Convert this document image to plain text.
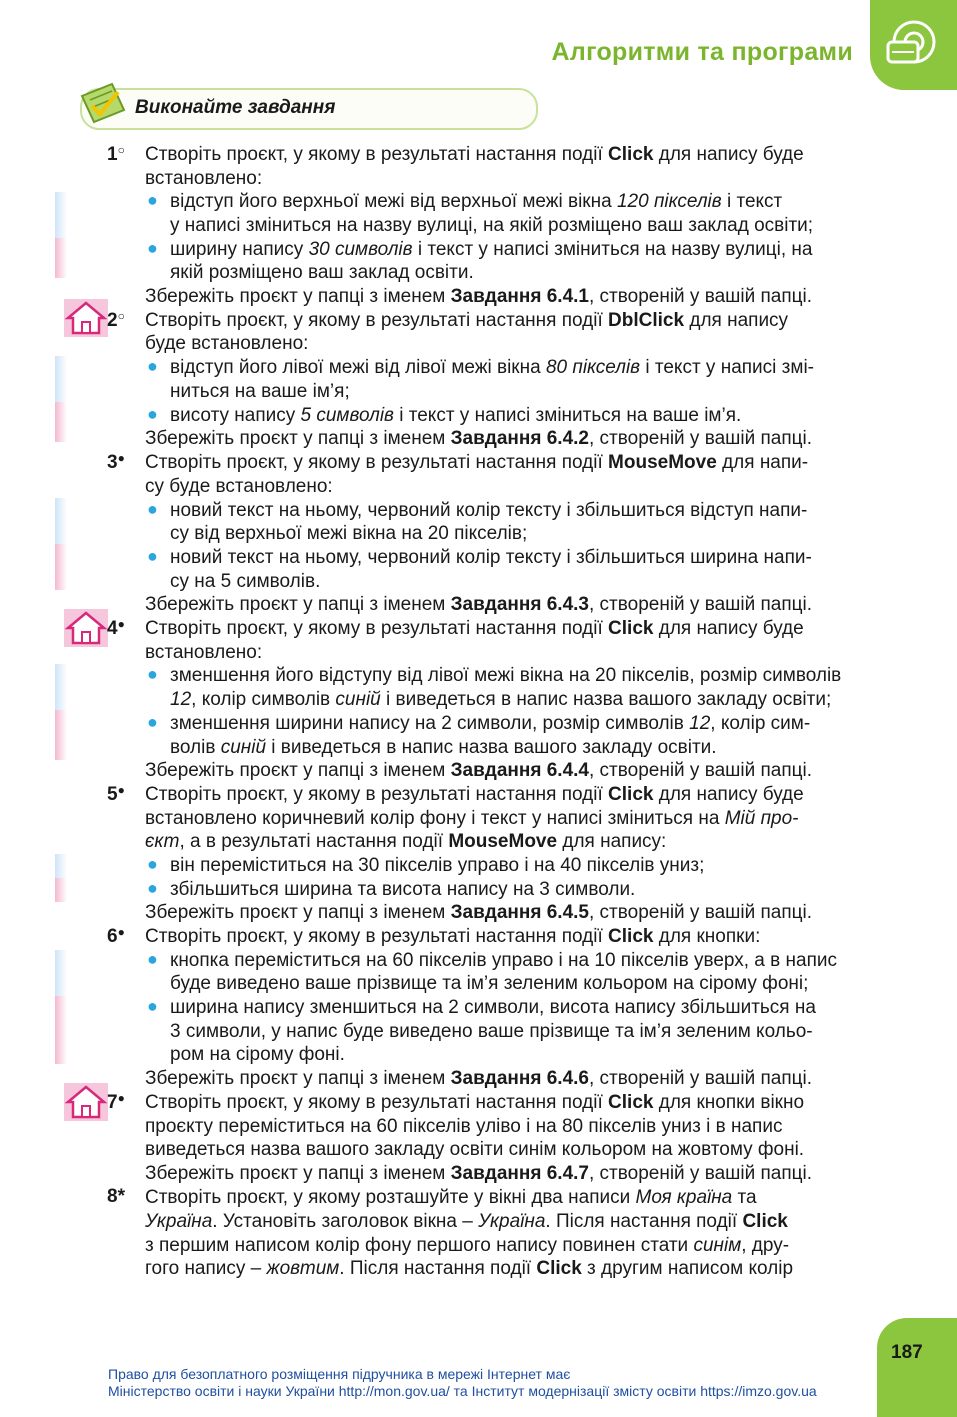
Алгоритми та програми
Виконайте завдання
1○ Створіть проєкт, у якому в результаті настання події Click для напису буде
встановлено:
● відступ його верхньої межі від верхньої межі вікна 120 пікселів і текст
у написі зміниться на назву вулиці, на якій розміщено ваш заклад освіти;
● ширину напису 30 символів і текст у написі зміниться на назву вулиці, на
якій розміщено ваш заклад освіти.
Збережіть проєкт у папці з іменем Завдання 6.4.1, створеній у вашій папці.
2○ Створіть проєкт, у якому в результаті настання події DblClick для напису
буде встановлено:
● відступ його лівої межі від лівої межі вікна 80 пікселів і текст у написі змі-
ниться на ваше ім’я;
● висоту напису 5 символів і текст у написі зміниться на ваше ім’я.
Збережіть проєкт у папці з іменем Завдання 6.4.2, створеній у вашій папці.
3● Створіть проєкт, у якому в результаті настання події MouseMove для напи-
су буде встановлено:
● новий текст на ньому, червоний колір тексту і збільшиться відступ напи-
су від верхньої межі вікна на 20 пікселів;
● новий текст на ньому, червоний колір тексту і збільшиться ширина напи-
су на 5 символів.
Збережіть проєкт у папці з іменем Завдання 6.4.3, створеній у вашій папці.
4● Створіть проєкт, у якому в результаті настання події Click для напису буде
встановлено:
● зменшення його відступу від лівої межі вікна на 20 пікселів, розмір символів
12, колір символів синій і виведеться в напис назва вашого закладу освіти;
● зменшення ширини напису на 2 символи, розмір символів 12, колір сим-
волів синій і виведеться в напис назва вашого закладу освіти.
Збережіть проєкт у папці з іменем Завдання 6.4.4, створеній у вашій папці.
5● Створіть проєкт, у якому в результаті настання події Click для напису буде
встановлено коричневий колір фону і текст у написі зміниться на Мій про-
єкт, а в результаті настання події MouseMove для напису:
● він переміститься на 30 пікселів управо і на 40 пікселів униз;
● збільшиться ширина та висота напису на 3 символи.
Збережіть проєкт у папці з іменем Завдання 6.4.5, створеній у вашій папці.
6● Створіть проєкт, у якому в результаті настання події Click для кнопки:
● кнопка переміститься на 60 пікселів управо і на 10 пікселів уверх, а в напис
буде виведено ваше прізвище та ім’я зеленим кольором на сірому фоні;
● ширина напису зменшиться на 2 символи, висота напису збільшиться на
3 символи, у напис буде виведено ваше прізвище та ім’я зеленим кольо-
ром на сірому фоні.
Збережіть проєкт у папці з іменем Завдання 6.4.6, створеній у вашій папці.
7● Створіть проєкт, у якому в результаті настання події Click для кнопки вікно
проєкту переміститься на 60 пікселів уліво і на 80 пікселів униз і в напис
виведеться назва вашого закладу освіти синім кольором на жовтому фоні.
Збережіть проєкт у папці з іменем Завдання 6.4.7, створеній у вашій папці.
8* Створіть проєкт, у якому розташуйте у вікні два написи Моя країна та
Україна. Установіть заголовок вікна – Україна. Після настання події Click
з першим написом колір фону першого напису повинен стати синім, дру-
гого напису – жовтим. Після настання події Click з другим написом колір
187
Право для безоплатного розміщення підручника в мережі Інтернет має
Міністерство освіти і науки України http://mon.gov.ua/ та Інститут модернізації змісту освіти https://imzo.gov.ua
